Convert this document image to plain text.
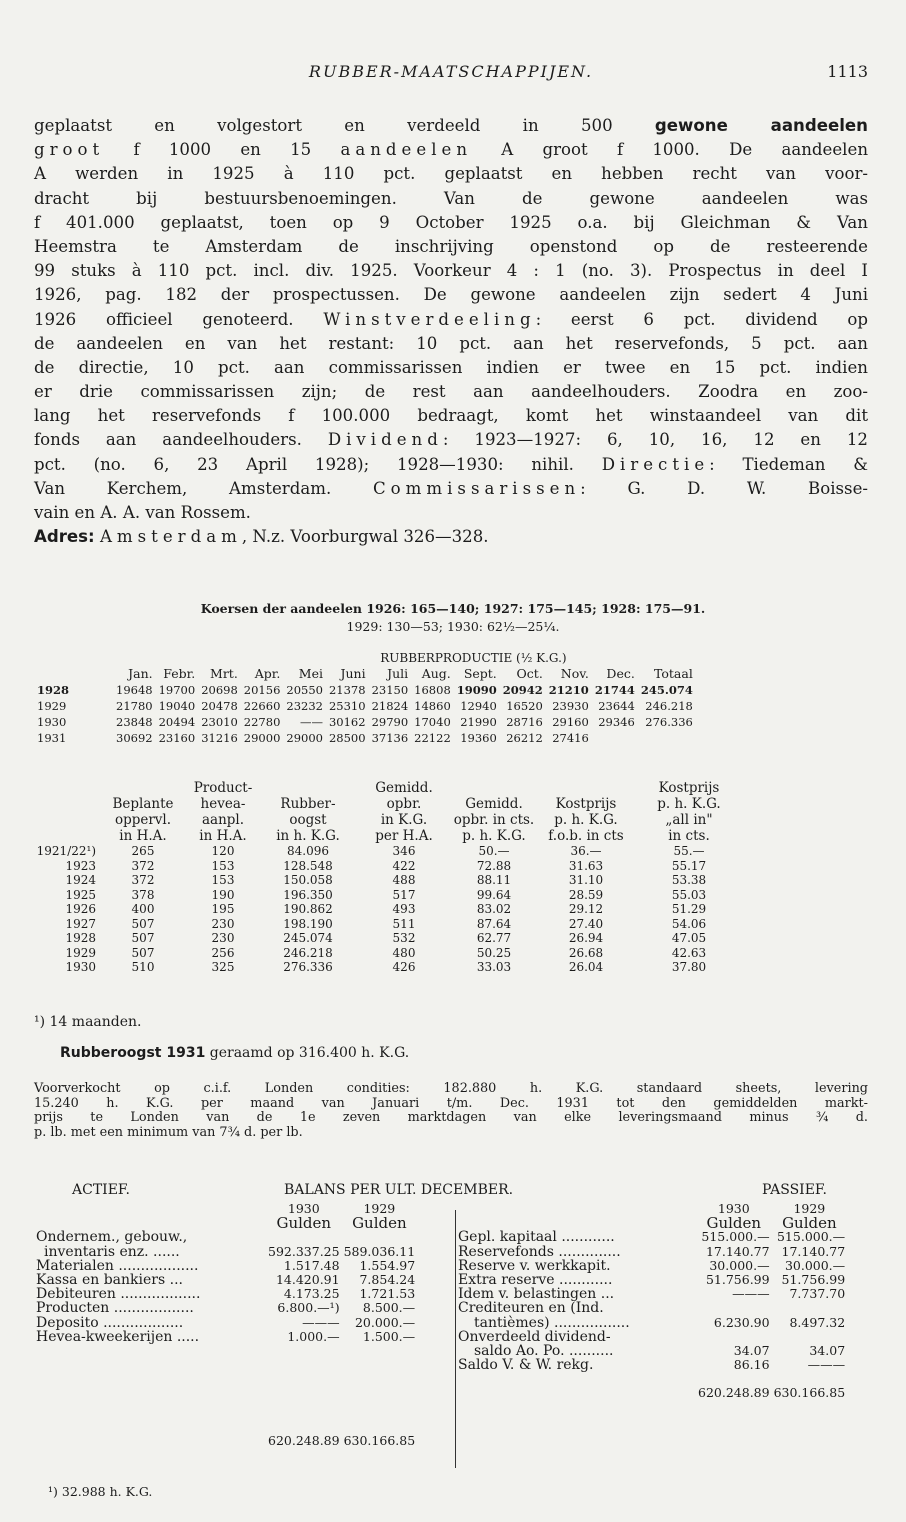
RUBBER-MAATSCHAPPIJEN.	1113
geplaatst en volgestort en verdeeld in 500 gewone aandeelen
groot f 1000 en 15 aandeelen A groot f 1000. De aandeelen
A werden in 1925 à 110 pct. geplaatst en hebben recht van voor-
dracht bij bestuursbenoemingen. Van de gewone aandeelen was
f 401.000 geplaatst, toen op 9 October 1925 o.a. bij Gleichman & Van
Heemstra te Amsterdam de inschrijving openstond op de resteerende
99 stuks à 110 pct. incl. div. 1925. Voorkeur 4 : 1 (no. 3). Prospectus in deel I
1926, pag. 182 der prospectussen. De gewone aandeelen zijn sedert 4 Juni
1926 officieel genoteerd. Winstverdeeling: eerst 6 pct. dividend op
de aandeelen en van het restant: 10 pct. aan het reservefonds, 5 pct. aan
de directie, 10 pct. aan commissarissen indien er twee en 15 pct. indien
er drie commissarissen zijn; de rest aan aandeelhouders. Zoodra en zoo-
lang het reservefonds f 100.000 bedraagt, komt het winstaandeel van dit
fonds aan aandeelhouders. Dividend: 1923—1927: 6, 10, 16, 12 en 12
pct. (no. 6, 23 April 1928); 1928—1930: nihil. Directie: Tiedeman &
Van Kerchem, Amsterdam. Commissarissen: G. D. W. Boisse-
vain en A. A. van Rossem.
Adres: Amsterdam, N.z. Voorburgwal 326—328.
Koersen der aandeelen 1926: 165—140; 1927: 175—145; 1928: 175—91.
1929: 130—53; 1930: 62½—25¼.
RUBBERPRODUCTIE (½ K.G.)													
	Jan.	Febr.	Mrt.	Apr.	Mei	Juni	Juli	Aug.	Sept.	Oct.	Nov.	Dec.	Totaal
1928	19648	19700	20698	20156	20550	21378	23150	16808	19090	20942	21210	21744	245.074
1929	21780	19040	20478	22660	23232	25310	21824	14860	12940	16520	23930	23644	246.218
1930	23848	20494	23010	22780	——	30162	29790	17040	21990	28716	29160	29346	276.336
1931	30692	23160	31216	29000	29000	28500	37136	22122	19360	26212	27416		
		Product-		Gemidd.			Kostprijs
	Beplante	hevea-	Rubber-	opbr.	Gemidd.	Kostprijs	p. h. K.G.
	oppervl.	aanpl.	oogst	in K.G.	opbr. in cts.	p. h. K.G.	„all in"
	in H.A.	in H.A.	in h. K.G.	per H.A.	p. h. K.G.	f.o.b. in cts	in cts.
1921/22¹)	265	120	84.096	346	50.—	36.—	55.—
1923	372	153	128.548	422	72.88	31.63	55.17
1924	372	153	150.058	488	88.11	31.10	53.38
1925	378	190	196.350	517	99.64	28.59	55.03
1926	400	195	190.862	493	83.02	29.12	51.29
1927	507	230	198.190	511	87.64	27.40	54.06
1928	507	230	245.074	532	62.77	26.94	47.05
1929	507	256	246.218	480	50.25	26.68	42.63
1930	510	325	276.336	426	33.03	26.04	37.80
¹) 14 maanden.
Rubberoogst 1931 geraamd op 316.400 h. K.G.
Voorverkocht op c.i.f. Londen condities: 182.880 h. K.G. standaard sheets, levering
15.240 h. K.G. per maand van Januari t/m. Dec. 1931 tot den gemiddelden markt-
prijs te Londen van de 1e zeven marktdagen van elke leveringsmaand minus ¾ d.
p. lb. met een minimum van 7¾ d. per lb.
ACTIEF.	BALANS PER ULT. DECEMBER.	PASSIEF.
	1930	1929
	Gulden	Gulden
Ondernem., gebouw.,		
inventaris enz. ......	592.337.25	589.036.11
Materialen ..................	1.517.48	1.554.97
Kassa en bankiers ...	14.420.91	7.854.24
Debiteuren ..................	4.173.25	1.721.53
Producten ..................	6.800.—¹)	8.500.—
Deposito ..................	———	20.000.—
Hevea-kweekerijen .....	1.000.—	1.500.—

	620.248.89	630.166.85
	1930	1929
	Gulden	Gulden
Gepl. kapitaal ............	515.000.—	515.000.—
Reservefonds ..............	17.140.77	17.140.77
Reserve v. werkkapit.	30.000.—	30.000.—
Extra reserve ............	51.756.99	51.756.99
Idem v. belastingen ...	———	7.737.70
Crediteuren en (Ind.		
tantièmes) .................	6.230.90	8.497.32
Onverdeeld dividend-		
saldo Ao. Po. ..........	34.07	34.07
Saldo V. & W. rekg.	86.16	———

	620.248.89	630.166.85
¹) 32.988 h. K.G.
